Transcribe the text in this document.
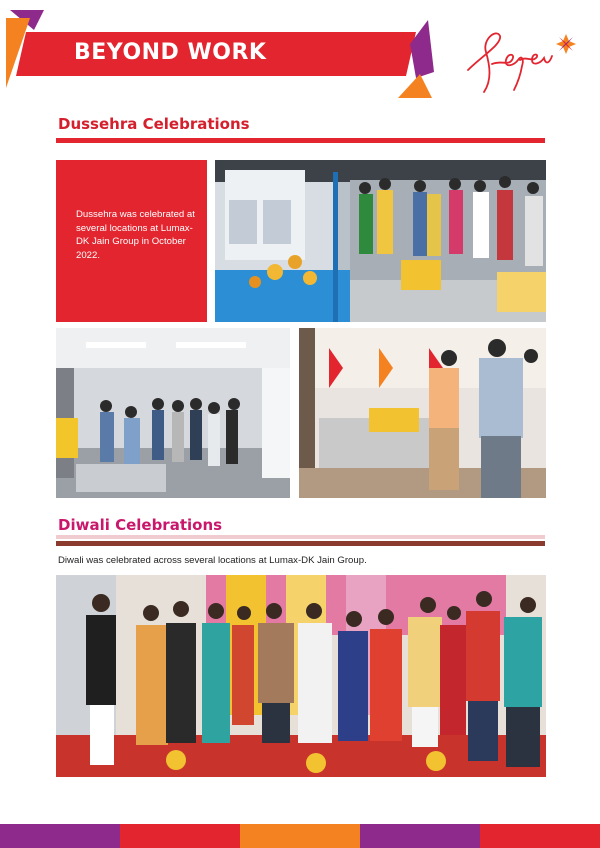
BEYOND WORK
Dussehra Celebrations
Dussehra was celebrated at several locations at Lumax-DK Jain Group in October 2022.
Diwali Celebrations
Diwali was celebrated across several locations at Lumax-DK Jain Group.
